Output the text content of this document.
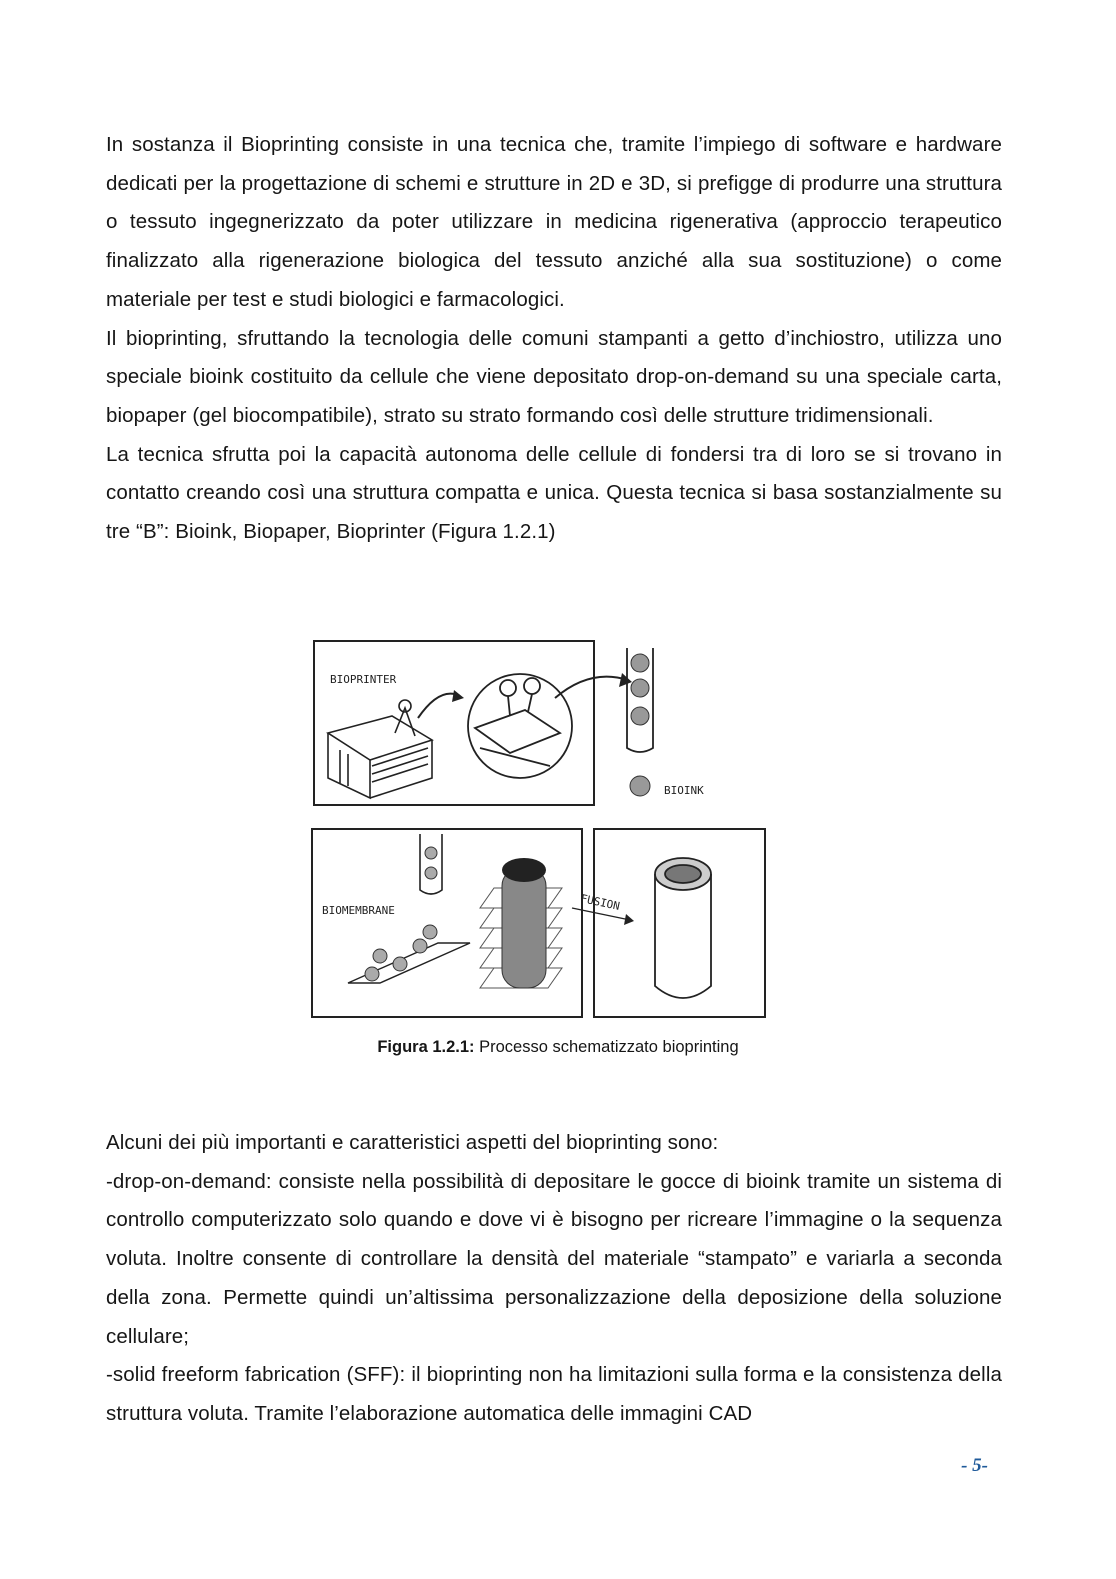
In sostanza il Bioprinting consiste in una tecnica che, tramite l’impiego di software e hardware dedicati per la progettazione di schemi e strutture in 2D e 3D, si prefigge di produrre una struttura o tessuto ingegnerizzato da poter utilizzare in medicina rigenerativa (approccio terapeutico finalizzato alla rigenerazione biologica del tessuto anziché alla sua sostituzione) o come materiale per test e studi biologici e farmacologici.

Il bioprinting, sfruttando la tecnologia delle comuni stampanti a getto d’inchiostro, utilizza uno speciale bioink costituito da cellule che viene depositato drop-on-demand su una speciale carta, biopaper (gel biocompatibile), strato su strato formando così delle strutture tridimensionali.

La tecnica sfrutta poi la capacità autonoma delle cellule di fondersi tra di loro se si trovano in contatto creando così una struttura compatta e unica. Questa tecnica si basa sostanzialmente su tre “B”: Bioink, Biopaper, Bioprinter (Figura 1.2.1)

BIOPRINTER
BIOINK
BIOMEMBRANE	FUSION
Figura 1.2.1: Processo schematizzato bioprinting

Alcuni dei più importanti e caratteristici aspetti del bioprinting sono:

-drop-on-demand: consiste nella possibilità di depositare le gocce di bioink tramite un sistema di controllo computerizzato solo quando e dove vi è bisogno per ricreare l’immagine o la sequenza voluta. Inoltre consente di controllare la densità del materiale “stampato” e variarla a seconda della zona. Permette quindi un’altissima personalizzazione della deposizione della soluzione cellulare;

-solid freeform fabrication (SFF): il bioprinting non ha limitazioni sulla forma e la consistenza della struttura voluta. Tramite l’elaborazione automatica delle immagini CAD

- 5-
